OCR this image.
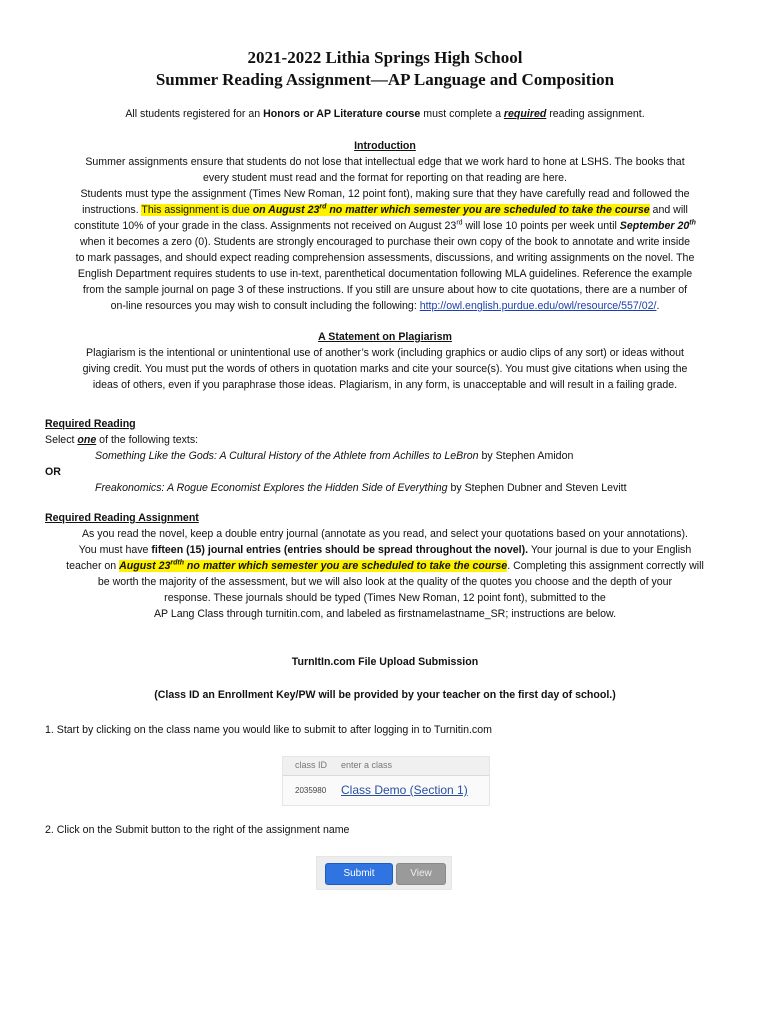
2021-2022 Lithia Springs High School
Summer Reading Assignment—AP Language and Composition
All students registered for an Honors or AP Literature course must complete a required reading assignment.
Introduction
Summer assignments ensure that students do not lose that intellectual edge that we work hard to hone at LSHS. The books that
every student must read and the format for reporting on that reading are here.
Students must type the assignment (Times New Roman, 12 point font), making sure that they have carefully read and followed the
instructions. This assignment is due on August 23rd no matter which semester you are scheduled to take the course and will
constitute 10% of your grade in the class. Assignments not received on August 23rd will lose 10 points per week until September 20th
when it becomes a zero (0). Students are strongly encouraged to purchase their own copy of the book to annotate and write inside
to mark passages, and should expect reading comprehension assessments, discussions, and writing assignments on the novel. The
English Department requires students to use in-text, parenthetical documentation following MLA guidelines. Reference the example
from the sample journal on page 3 of these instructions. If you still are unsure about how to cite quotations, there are a number of
on-line resources you may wish to consult including the following: http://owl.english.purdue.edu/owl/resource/557/02/.
A Statement on Plagiarism
Plagiarism is the intentional or unintentional use of another’s work (including graphics or audio clips of any sort) or ideas without
giving credit. You must put the words of others in quotation marks and cite your source(s). You must give citations when using the
ideas of others, even if you paraphrase those ideas. Plagiarism, in any form, is unacceptable and will result in a failing grade.
Required Reading
Select one of the following texts:
Something Like the Gods: A Cultural History of the Athlete from Achilles to LeBron by Stephen Amidon
OR
Freakonomics: A Rogue Economist Explores the Hidden Side of Everything by Stephen Dubner and Steven Levitt
Required Reading Assignment
As you read the novel, keep a double entry journal (annotate as you read, and select your quotations based on your annotations).
You must have fifteen (15) journal entries (entries should be spread throughout the novel). Your journal is due to your English
teacher on August $23^{rdth}$ no matter which semester you are scheduled to take the course. Completing this assignment correctly will
be worth the majority of the assessment, but we will also look at the quality of the quotes you choose and the depth of your
response. These journals should be typed (Times New Roman, 12 point font), submitted to the
AP Lang Class through turnitin.com, and labeled as firstnamelastname_SR; instructions are below.
TurnItIn.com File Upload Submission
(Class ID an Enrollment Key/PW will be provided by your teacher on the first day of school.)
1. Start by clicking on the class name you would like to submit to after logging in to Turnitin.com
class ID enter a class
2035980 Class Demo (Section 1)
2. Click on the Submit button to the right of the assignment name
Submit	View
